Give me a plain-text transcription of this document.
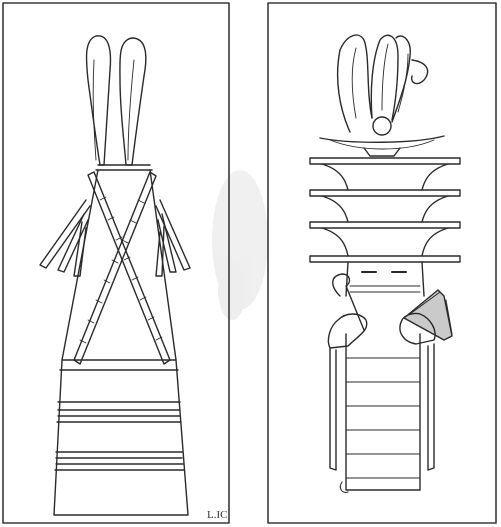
L.IC
